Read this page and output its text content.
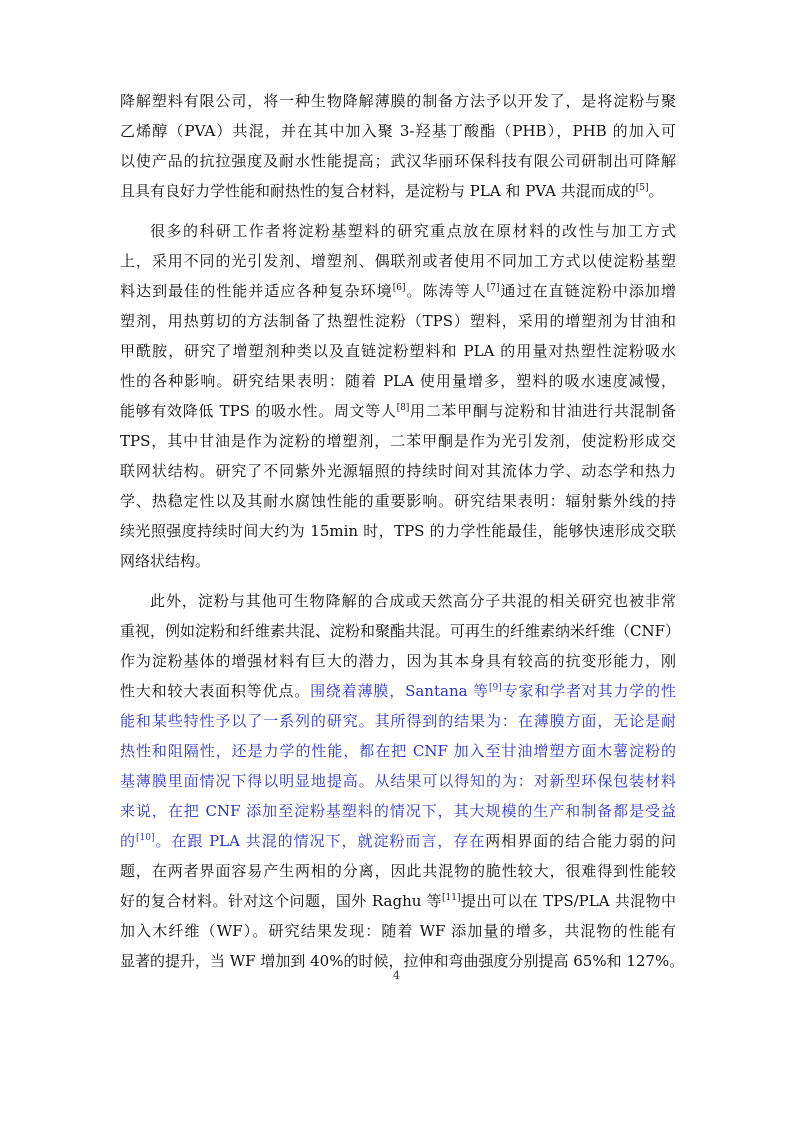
降解塑料有限公司，将一种生物降解薄膜的制备方法予以开发了，是将淀粉与聚
乙烯醇（PVA）共混，并在其中加入聚 3-羟基丁酸酯（PHB），PHB 的加入可
以使产品的抗拉强度及耐水性能提高；武汉华丽环保科技有限公司研制出可降解
且具有良好力学性能和耐热性的复合材料，是淀粉与 PLA 和 PVA 共混而成的[5]。
很多的科研工作者将淀粉基塑料的研究重点放在原材料的改性与加工方式
上，采用不同的光引发剂、增塑剂、偶联剂或者使用不同加工方式以使淀粉基塑
料达到最佳的性能并适应各种复杂环境[6]。陈涛等人[7]通过在直链淀粉中添加增
塑剂，用热剪切的方法制备了热塑性淀粉（TPS）塑料，采用的增塑剂为甘油和
甲酰胺，研究了增塑剂种类以及直链淀粉塑料和 PLA 的用量对热塑性淀粉吸水
性的各种影响。研究结果表明：随着 PLA 使用量增多，塑料的吸水速度减慢，
能够有效降低 TPS 的吸水性。周文等人[8]用二苯甲酮与淀粉和甘油进行共混制备
TPS，其中甘油是作为淀粉的增塑剂，二苯甲酮是作为光引发剂，使淀粉形成交
联网状结构。研究了不同紫外光源辐照的持续时间对其流体力学、动态学和热力
学、热稳定性以及其耐水腐蚀性能的重要影响。研究结果表明：辐射紫外线的持
续光照强度持续时间大约为 15min 时，TPS 的力学性能最佳，能够快速形成交联
网络状结构。
此外，淀粉与其他可生物降解的合成或天然高分子共混的相关研究也被非常
重视，例如淀粉和纤维素共混、淀粉和聚酯共混。可再生的纤维素纳米纤维（CNF）
作为淀粉基体的增强材料有巨大的潜力，因为其本身具有较高的抗变形能力，刚
性大和较大表面积等优点。围绕着薄膜，Santana 等[9]专家和学者对其力学的性
能和某些特性予以了一系列的研究。其所得到的结果为：在薄膜方面，无论是耐
热性和阻隔性，还是力学的性能，都在把 CNF 加入至甘油增塑方面木薯淀粉的
基薄膜里面情况下得以明显地提高。从结果可以得知的为：对新型环保包装材料
来说，在把 CNF 添加至淀粉基塑料的情况下，其大规模的生产和制备都是受益
的[10]。在跟 PLA 共混的情况下，就淀粉而言，存在两相界面的结合能力弱的问
题，在两者界面容易产生两相的分离，因此共混物的脆性较大，很难得到性能较
好的复合材料。针对这个问题，国外 Raghu 等[11]提出可以在 TPS/PLA 共混物中
加入木纤维（WF）。研究结果发现：随着 WF 添加量的增多，共混物的性能有
显著的提升，当 WF 增加到 40%的时候，拉伸和弯曲强度分别提高 65%和 127%。
4
